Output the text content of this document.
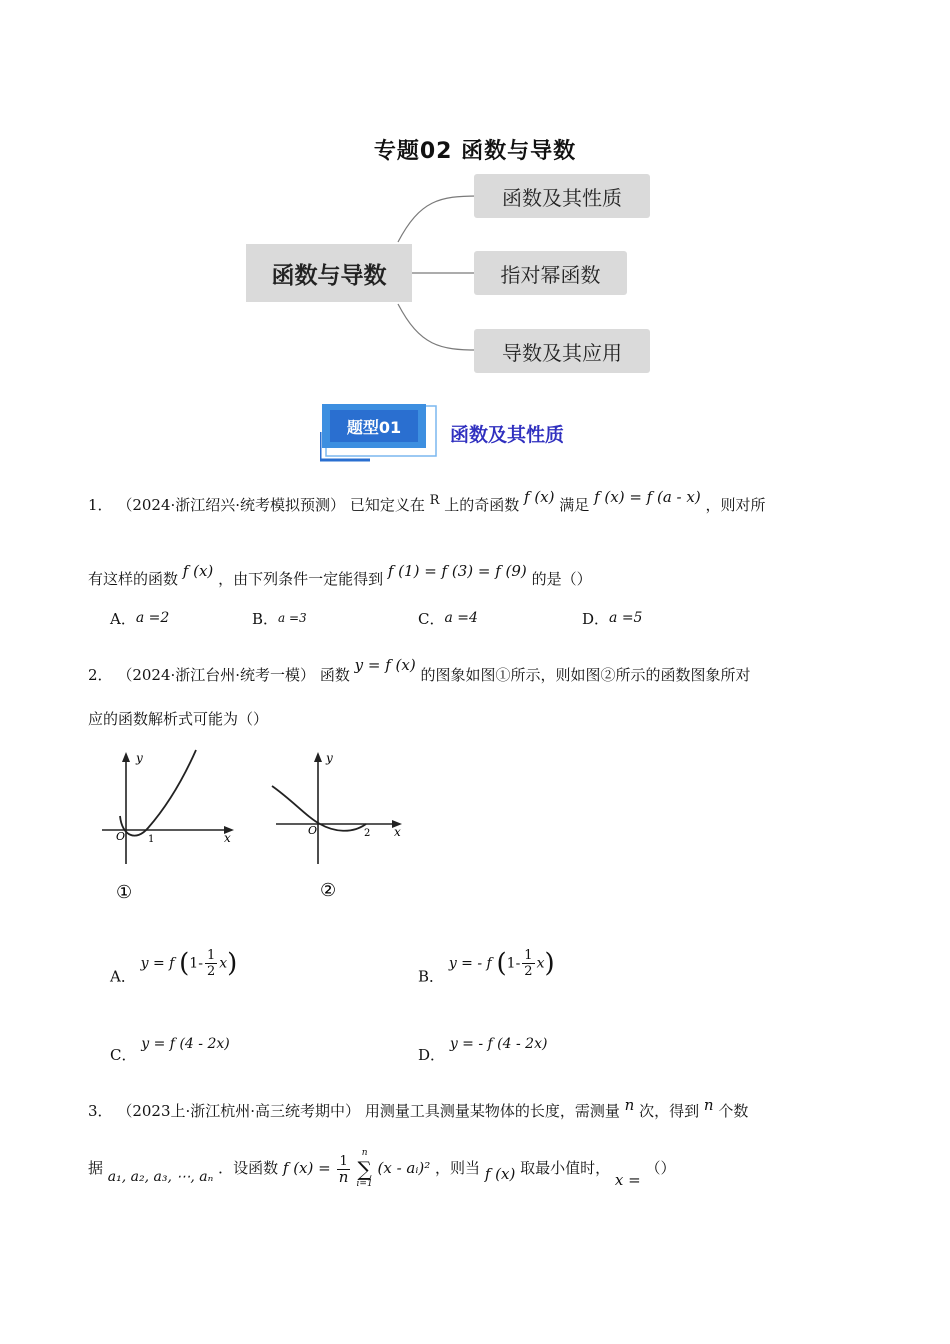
专题02 函数与导数
函数与导数
函数及其性质
指对幂函数
导数及其应用
题型01	函数及其性质
1． （2024·浙江绍兴·统考模拟预测） 已知定义在 R 上的奇函数 f (x) 满足 f (x) = f (a - x) ，则对所
有这样的函数 f (x) ，由下列条件一定能得到 f (1) = f (3) = f (9) 的是（）
A．a =2	B．a =3	C．a =4	D．a =5
2． （2024·浙江台州·统考一模） 函数 y = f (x) 的图象如图①所示，则如图②所示的函数图象所对
应的函数解析式可能为（）
y
x
O 1
①
y
x
O	2
②
A． y = f $(1- \frac{1}{2} x)$	B． y = - f $(1- \frac{1}{2} x)$
C． y = f (4 - 2x)
D． y = - f (4 - 2x)
3． （2023上·浙江杭州·高三统考期中） 用测量工具测量某物体的长度，需测量 n 次，得到 n 个数
据 a₁, a₂, a₃, ⋯, aₙ ．设函数 f $(x) = \frac{1}{n}$

n
∑
i=1
(x - aᵢ)² ，则当 f (x) 取最小值时， x = （）
